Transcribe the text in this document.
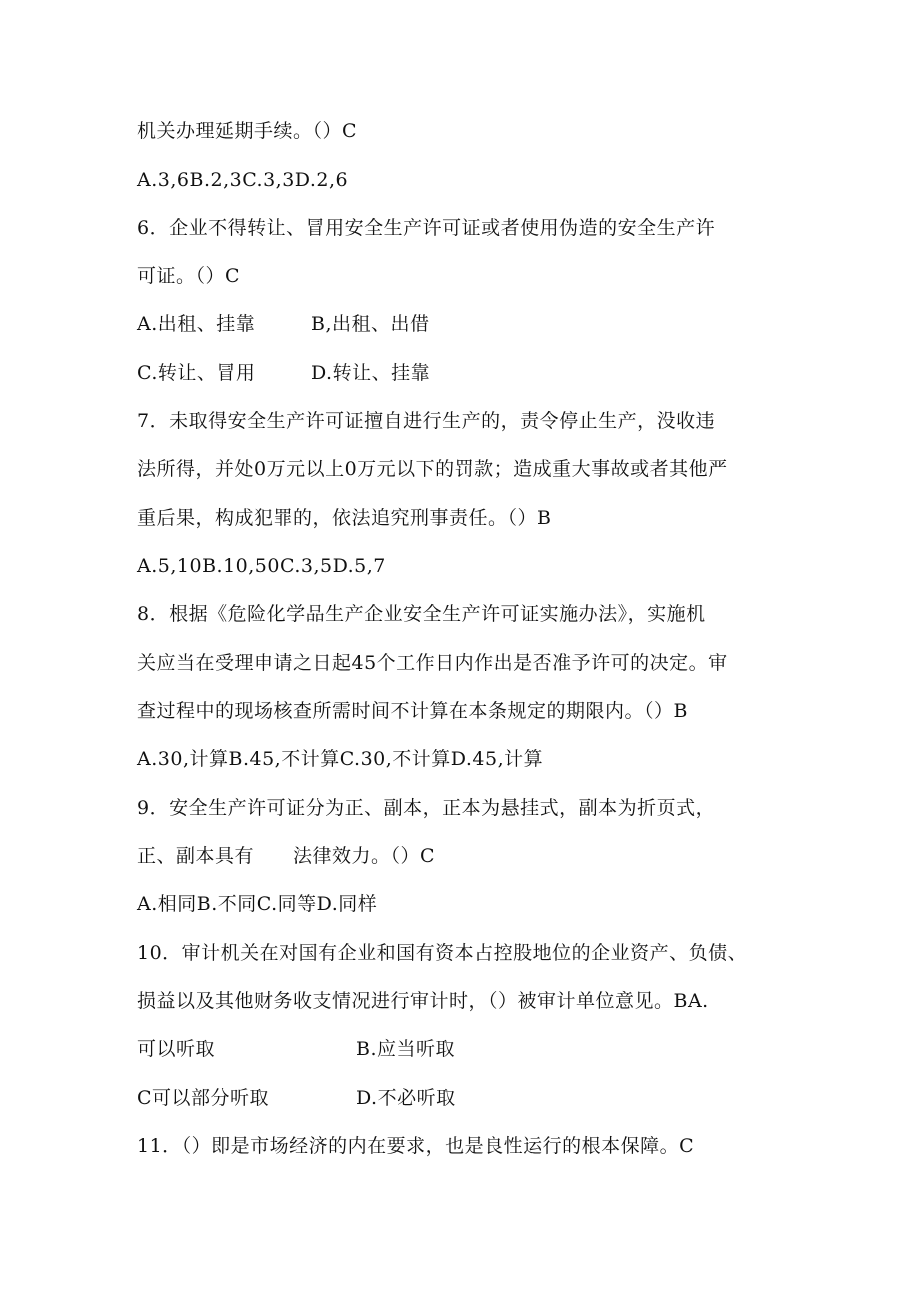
机关办理延期手续。（）C
A.3,6B.2,3C.3,3D.2,6
6．企业不得转让、冒用安全生产许可证或者使用伪造的安全生产许
可证。（）C
A.出租、挂靠	B,出租、出借
C.转让、冒用	D.转让、挂靠
7．未取得安全生产许可证擅自进行生产的，责令停止生产，没收违
法所得，并处0万元以上0万元以下的罚款；造成重大事故或者其他严
重后果，构成犯罪的，依法追究刑事责任。（）B
A.5,10B.10,50C.3,5D.5,7
8．根据《危险化学品生产企业安全生产许可证实施办法》，实施机
关应当在受理申请之日起45个工作日内作出是否准予许可的决定。审
查过程中的现场核查所需时间不计算在本条规定的期限内。（）B
A.30,计算B.45,不计算C.30,不计算D.45,计算
9．安全生产许可证分为正、副本，正本为悬挂式，副本为折页式，
正、副本具有　　法律效力。（）C
A.相同B.不同C.同等D.同样
10．审计机关在对国有企业和国有资本占控股地位的企业资产、负债、
损益以及其他财务收支情况进行审计时，（）被审计单位意见。BA.
可以听取	B.应当听取
C可以部分听取	D.不必听取
11．（）即是市场经济的内在要求，也是良性运行的根本保障。C
